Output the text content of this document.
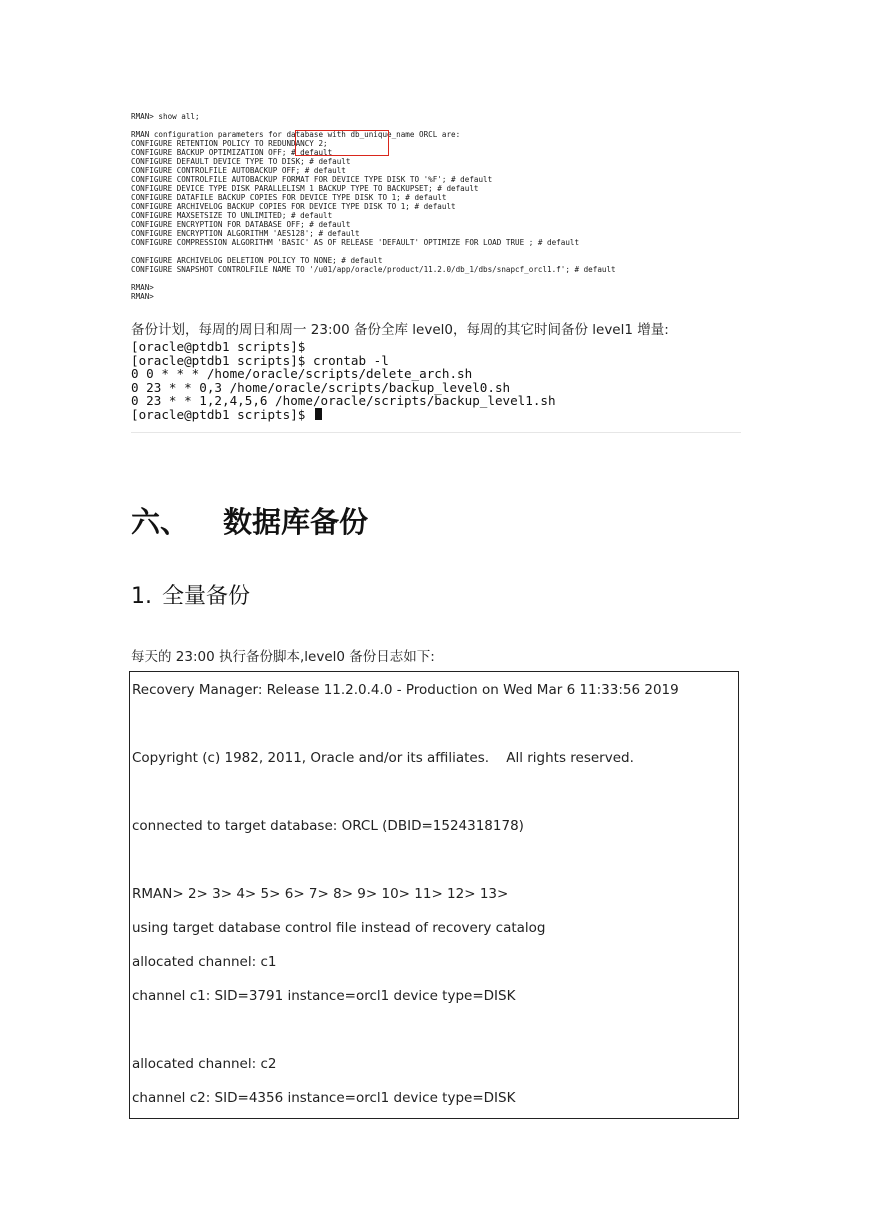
RMAN> show all;

RMAN configuration parameters for database with db_unique_name ORCL are:
CONFIGURE RETENTION POLICY TO REDUNDANCY 2;
CONFIGURE BACKUP OPTIMIZATION OFF; # default
CONFIGURE DEFAULT DEVICE TYPE TO DISK; # default
CONFIGURE CONTROLFILE AUTOBACKUP OFF; # default
CONFIGURE CONTROLFILE AUTOBACKUP FORMAT FOR DEVICE TYPE DISK TO '%F'; # default
CONFIGURE DEVICE TYPE DISK PARALLELISM 1 BACKUP TYPE TO BACKUPSET; # default
CONFIGURE DATAFILE BACKUP COPIES FOR DEVICE TYPE DISK TO 1; # default
CONFIGURE ARCHIVELOG BACKUP COPIES FOR DEVICE TYPE DISK TO 1; # default
CONFIGURE MAXSETSIZE TO UNLIMITED; # default
CONFIGURE ENCRYPTION FOR DATABASE OFF; # default
CONFIGURE ENCRYPTION ALGORITHM 'AES128'; # default
CONFIGURE COMPRESSION ALGORITHM 'BASIC' AS OF RELEASE 'DEFAULT' OPTIMIZE FOR LOAD TRUE ; # default

CONFIGURE ARCHIVELOG DELETION POLICY TO NONE; # default
CONFIGURE SNAPSHOT CONTROLFILE NAME TO '/u01/app/oracle/product/11.2.0/db_1/dbs/snapcf_orcl1.f'; # default

RMAN>
RMAN>
备份计划，每周的周日和周一 23:00 备份全库 level0，每周的其它时间备份 level1 增量:
[oracle@ptdb1 scripts]$
[oracle@ptdb1 scripts]$ crontab -l
0 0 * * * /home/oracle/scripts/delete_arch.sh
0 23 * * 0,3 /home/oracle/scripts/backup_level0.sh
0 23 * * 1,2,4,5,6 /home/oracle/scripts/backup_level1.sh
[oracle@ptdb1 scripts]$
六、 数据库备份
1. 全量备份
每天的 23:00 执行备份脚本,level0 备份日志如下:
Recovery Manager: Release 11.2.0.4.0 - Production on Wed Mar 6 11:33:56 2019
Copyright (c) 1982, 2011, Oracle and/or its affiliates.    All rights reserved.
connected to target database: ORCL (DBID=1524318178)
RMAN> 2> 3> 4> 5> 6> 7> 8> 9> 10> 11> 12> 13>
using target database control file instead of recovery catalog
allocated channel: c1
channel c1: SID=3791 instance=orcl1 device type=DISK
allocated channel: c2
channel c2: SID=4356 instance=orcl1 device type=DISK
